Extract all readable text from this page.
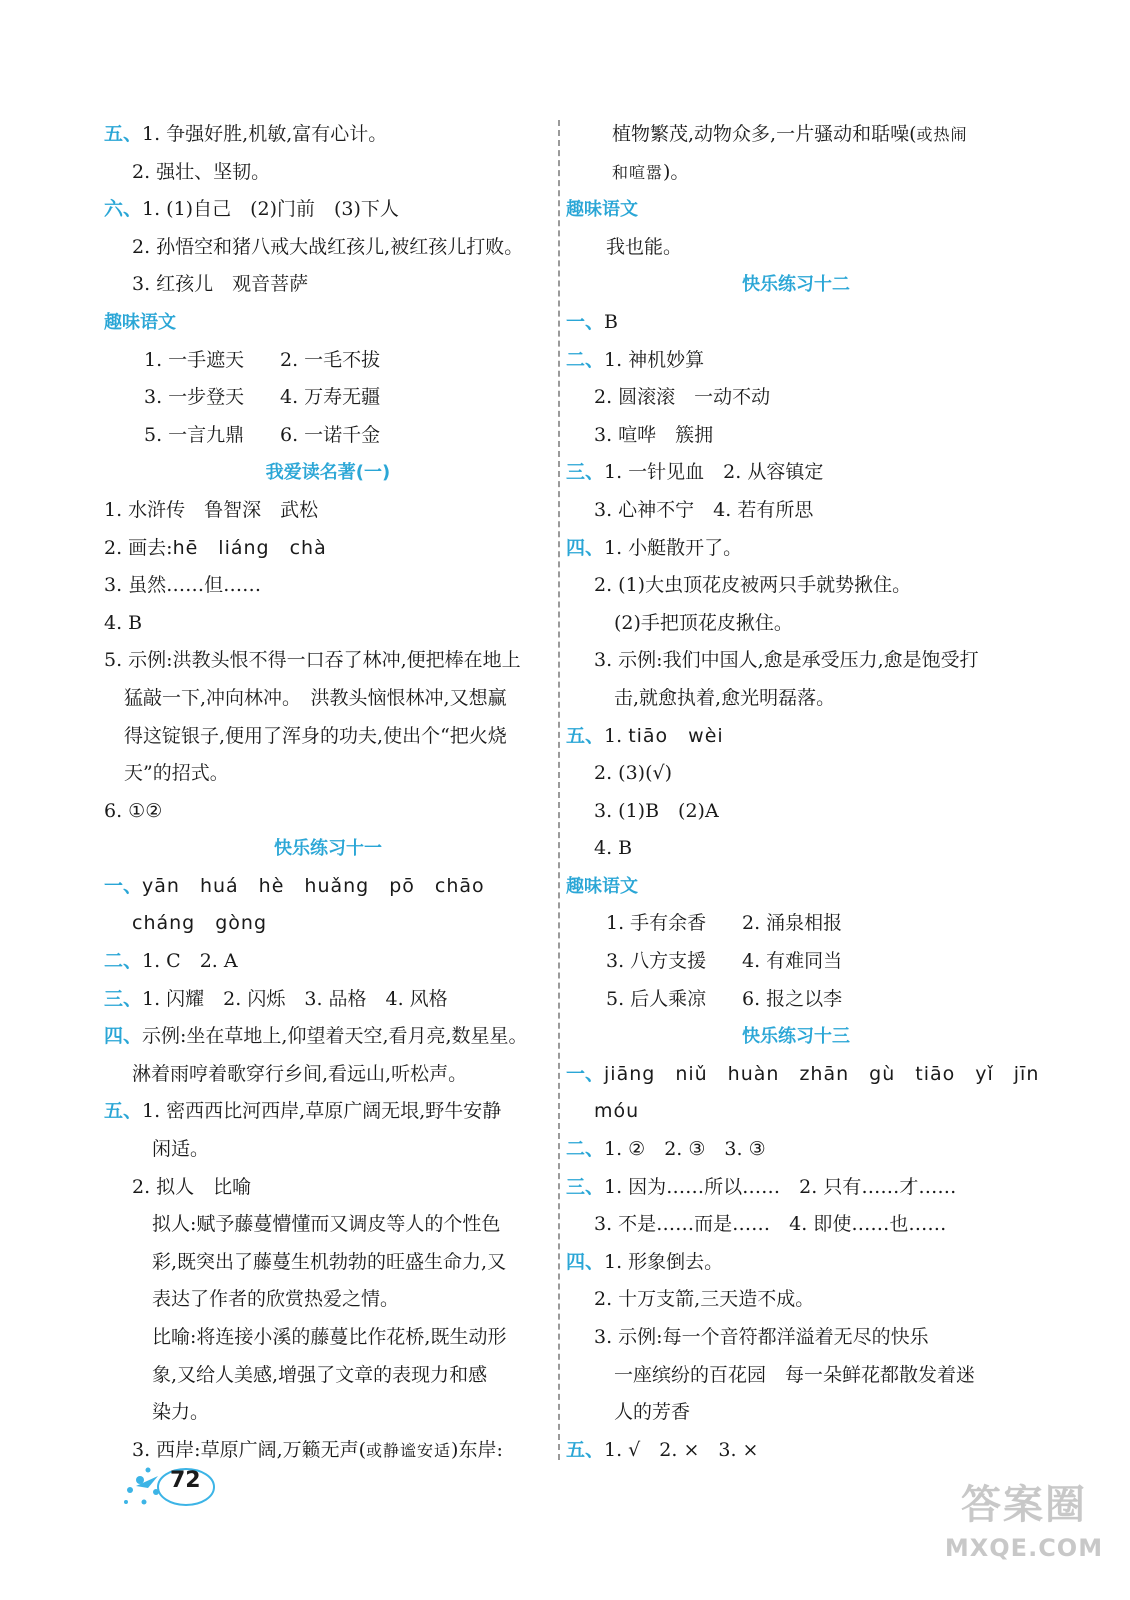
五、1. 争强好胜,机敏,富有心计。
2. 强壮、坚韧。
六、1. (1)自己　(2)门前　(3)下人
2. 孙悟空和猪八戒大战红孩儿,被红孩儿打败。
3. 红孩儿　观音菩萨
趣味语文
1. 一手遮天 2. 一毛不拔
3. 一步登天 4. 万寿无疆
5. 一言九鼎 6. 一诺千金
我爱读名著(一)
1. 水浒传　鲁智深　武松
2. 画去:hē　liáng　chà
3. 虽然……但……
4. B
5. 示例:洪教头恨不得一口吞了林冲,便把棒在地上
猛敲一下,冲向林冲。　洪教头恼恨林冲,又想赢
得这锭银子,便用了浑身的功夫,使出个“把火烧
天”的招式。
6. ①②
快乐练习十一
一、yān　huá　hè　huǎng　pō　chāo
cháng　gòng
二、1. C　2. A
三、1. 闪耀　2. 闪烁　3. 品格　4. 风格
四、示例:坐在草地上,仰望着天空,看月亮,数星星。
淋着雨哼着歌穿行乡间,看远山,听松声。
五、1. 密西西比河西岸,草原广阔无垠,野牛安静
闲适。
2. 拟人　比喻
拟人:赋予藤蔓懵懂而又调皮等人的个性色
彩,既突出了藤蔓生机勃勃的旺盛生命力,又
表达了作者的欣赏热爱之情。
比喻:将连接小溪的藤蔓比作花桥,既生动形
象,又给人美感,增强了文章的表现力和感
染力。
3. 西岸:草原广阔,万籁无声(或静谧安适)东岸:
植物繁茂,动物众多,一片骚动和聒噪(或热闹
和喧嚣)。
趣味语文
我也能。
快乐练习十二
一、B
二、1. 神机妙算
2. 圆滚滚　一动不动
3. 喧哗　簇拥
三、1. 一针见血　2. 从容镇定
3. 心神不宁　4. 若有所思
四、1. 小艇散开了。
2. (1)大虫顶花皮被两只手就势揪住。
(2)手把顶花皮揪住。
3. 示例:我们中国人,愈是承受压力,愈是饱受打
击,就愈执着,愈光明磊落。
五、1. tiāo　wèi
2. (3)(√)
3. (1)B　(2)A
4. B
趣味语文
1. 手有余香 2. 涌泉相报
3. 八方支援 4. 有难同当
5. 后人乘凉 6. 报之以李
快乐练习十三
一、jiāng　niǔ　huàn　zhān　gù　tiāo　yǐ　jīn
móu
二、1. ②　2. ③　3. ③
三、1. 因为……所以……　2. 只有……才……
3. 不是……而是……　4. 即使……也……
四、1. 形象倒去。
2. 十万支箭,三天造不成。
3. 示例:每一个音符都洋溢着无尽的快乐
一座缤纷的百花园　每一朵鲜花都散发着迷
人的芳香
五、1. √　2. ×　3. ×
72
答案圈
MXQE.COM
